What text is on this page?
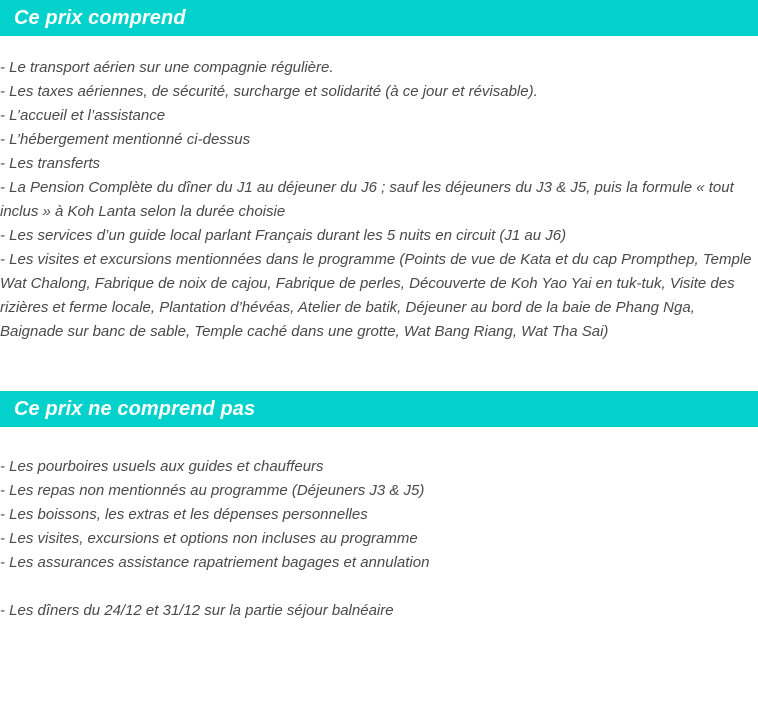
Ce prix comprend
- Le transport aérien sur une compagnie régulière.
- Les taxes aériennes, de sécurité, surcharge et solidarité (à ce jour et révisable).
- L’accueil et l’assistance
- L’hébergement mentionné ci-dessus
- Les transferts
- La Pension Complète du dîner du J1 au déjeuner du J6 ; sauf les déjeuners du J3 & J5, puis la formule « tout inclus » à Koh Lanta selon la durée choisie
- Les services d’un guide local parlant Français durant les 5 nuits en circuit (J1 au J6)
- Les visites et excursions mentionnées dans le programme (Points de vue de Kata et du cap Prompthep, Temple Wat Chalong, Fabrique de noix de cajou, Fabrique de perles, Découverte de Koh Yao Yai en tuk-tuk, Visite des rizières et ferme locale, Plantation d’hévéas, Atelier de batik, Déjeuner au bord de la baie de Phang Nga, Baignade sur banc de sable, Temple caché dans une grotte, Wat Bang Riang, Wat Tha Sai)
Ce prix ne comprend pas
- Les pourboires usuels aux guides et chauffeurs
- Les repas non mentionnés au programme (Déjeuners J3 & J5)
- Les boissons, les extras et les dépenses personnelles
- Les visites, excursions et options non incluses au programme
- Les assurances assistance rapatriement bagages et annulation
- Les dîners du 24/12 et 31/12 sur la partie séjour balnéaire
